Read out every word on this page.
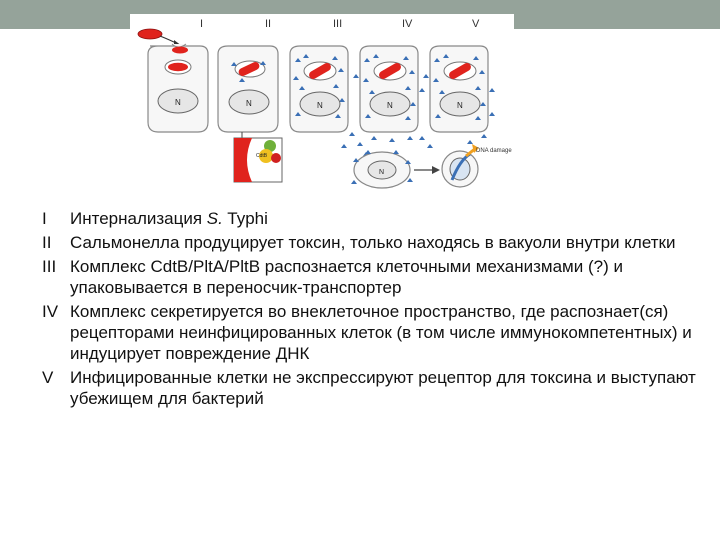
I	II	III	IV	V
N	N
CdtB
N	N	N
N
DNA damage
I Интернализация S. Typhi
II Сальмонелла продуцирует токсин, только находясь в вакуоли внутри клетки
III Комплекс CdtB/PltA/PltB распознается клеточными механизмами (?) и упаковывается в переносчик-транспортер
IV Комплекс секретируется во внеклеточное пространство, где распознает(ся) рецепторами неинфицированных клеток (в том числе иммунокомпетентных) и индуцирует повреждение ДНК
V Инфицированные клетки не экспрессируют рецептор для токсина и выступают убежищем для бактерий
